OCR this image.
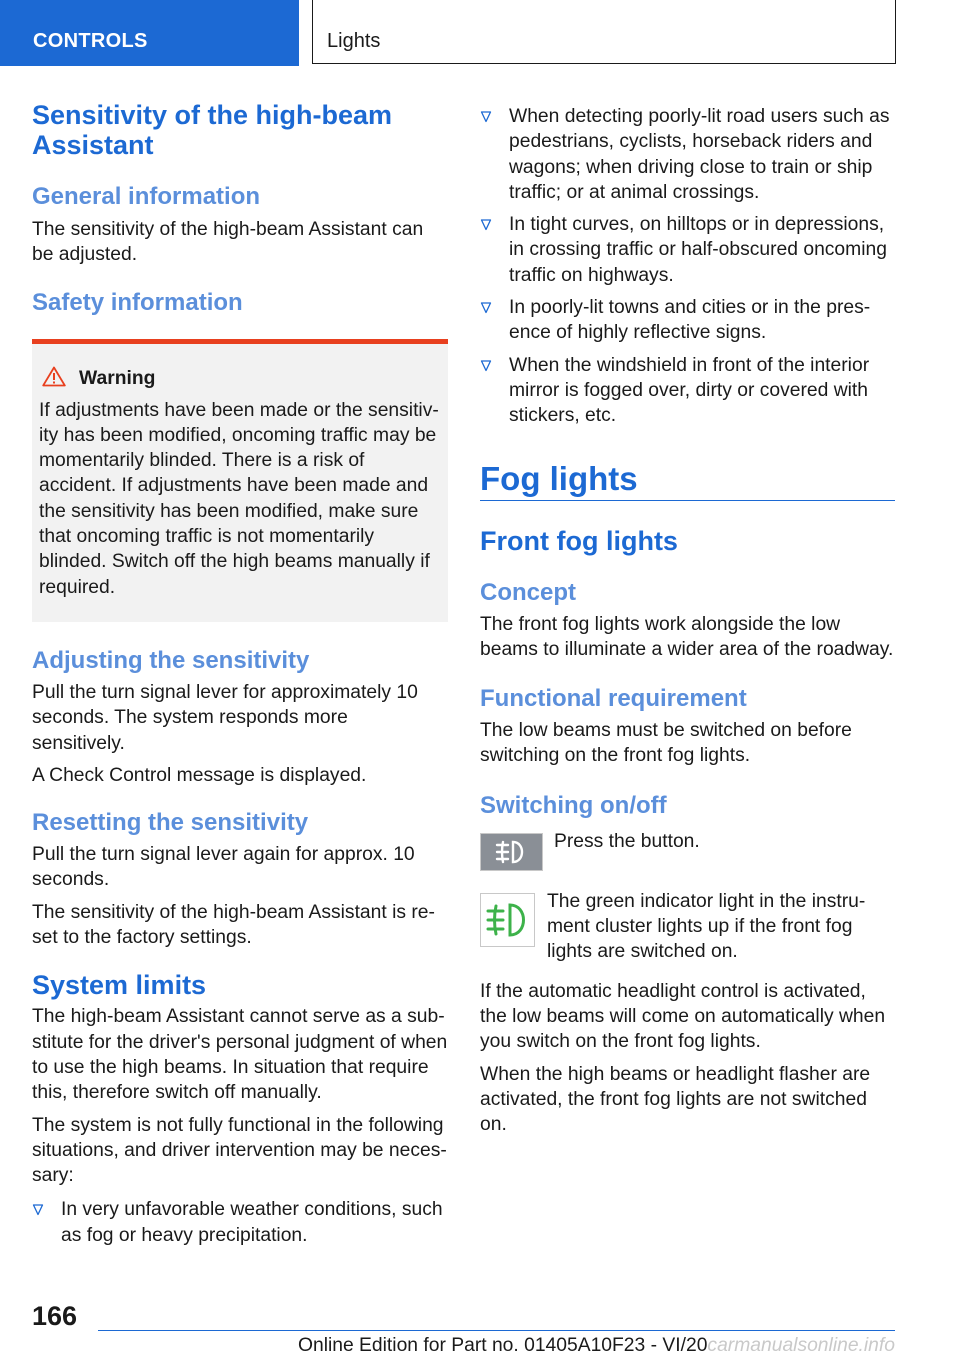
CONTROLS	Lights
Sensitivity of the high-beam Assistant
General information

The sensitivity of the high-beam Assistant can be adjusted.

Safety information
Warning

If adjustments have been made or the sensitivity has been modified, oncoming traffic may be momentarily blinded. There is a risk of accident. If adjustments have been made and the sensitivity has been modified, make sure that oncoming traffic is not momentarily blinded. Switch off the high beams manually if required.

Adjusting the sensitivity

Pull the turn signal lever for approximately 10 seconds. The system responds more sensitively.

A Check Control message is displayed.

Resetting the sensitivity

Pull the turn signal lever again for approx. 10 seconds.

The sensitivity of the high-beam Assistant is reset to the factory settings.

System limits

The high-beam Assistant cannot serve as a substitute for the driver's personal judgment of when to use the high beams. In situation that require this, therefore switch off manually.

The system is not fully functional in the following situations, and driver intervention may be necessary:

In very unfavorable weather conditions, such as fog or heavy precipitation.

When detecting poorly-lit road users such as pedestrians, cyclists, horseback riders and wagons; when driving close to train or ship traffic; or at animal crossings.

In tight curves, on hilltops or in depressions, in crossing traffic or half-obscured oncoming traffic on highways.

In poorly-lit towns and cities or in the presence of highly reflective signs.

When the windshield in front of the interior mirror is fogged over, dirty or covered with stickers, etc.

Fog lights
Front fog lights
Concept

The front fog lights work alongside the low beams to illuminate a wider area of the roadway.

Functional requirement

The low beams must be switched on before switching on the front fog lights.

Switching on/off

Press the button.

The green indicator light in the instrument cluster lights up if the front fog lights are switched on.

If the automatic headlight control is activated, the low beams will come on automatically when you switch on the front fog lights.

When the high beams or headlight flasher are activated, the front fog lights are not switched on.

166
Online Edition for Part no. 01405A10F23 - VI/20carmanualsonline.info
